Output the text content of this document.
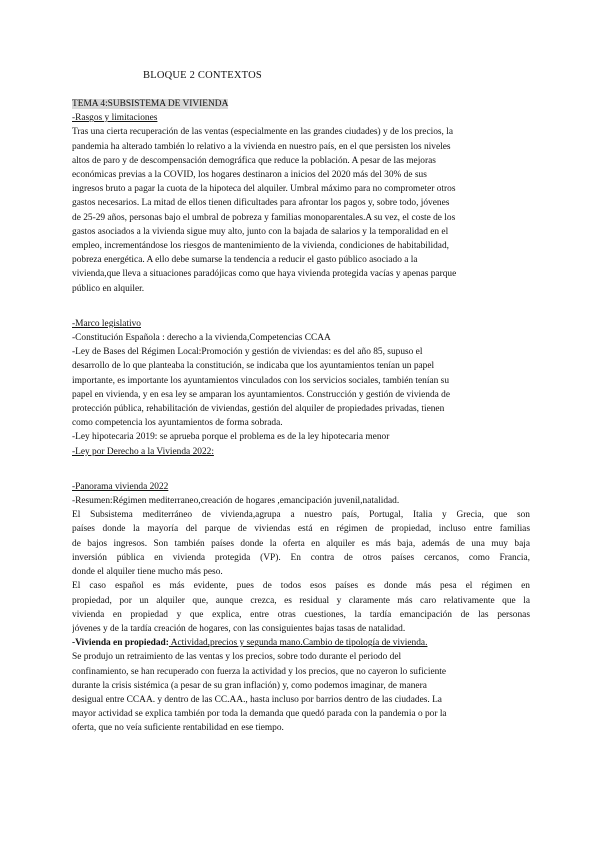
BLOQUE 2 CONTEXTOS
TEMA 4:SUBSISTEMA DE VIVIENDA
-Rasgos y limitaciones
Tras una cierta recuperación de las ventas (especialmente en las grandes ciudades) y de los precios, la
pandemia ha alterado también lo relativo a la vivienda en nuestro país, en el que persisten los niveles
altos de paro y de descompensación demográfica que reduce la población. A pesar de las mejoras
económicas previas a la COVID, los hogares destinaron a inicios del 2020 más del 30% de sus
ingresos bruto a pagar la cuota de la hipoteca del alquiler. Umbral máximo para no comprometer otros
gastos necesarios. La mitad de ellos tienen dificultades para afrontar los pagos y, sobre todo, jóvenes
de 25-29 años, personas bajo el umbral de pobreza y familias monoparentales.A su vez, el coste de los
gastos asociados a la vivienda sigue muy alto, junto con la bajada de salarios y la temporalidad en el
empleo, incrementándose los riesgos de mantenimiento de la vivienda, condiciones de habitabilidad,
pobreza energética. A ello debe sumarse la tendencia a reducir el gasto público asociado a la
vivienda,que lleva a situaciones paradójicas como que haya vivienda protegida vacías y apenas parque
público en alquiler.
-Marco legislativo
-Constitución Española : derecho a la vivienda,Competencias CCAA
-Ley de Bases del Régimen Local:Promoción y gestión de viviendas: es del año 85, supuso el
desarrollo de lo que planteaba la constitución, se indicaba que los ayuntamientos tenían un papel
importante, es importante los ayuntamientos vinculados con los servicios sociales, también tenían su
papel en vivienda, y en esa ley se amparan los ayuntamientos. Construcción y gestión de vivienda de
protección pública, rehabilitación de viviendas, gestión del alquiler de propiedades privadas, tienen
como competencia los ayuntamientos de forma sobrada.
-Ley hipotecaria 2019: se aprueba porque el problema es de la ley hipotecaria menor
-Ley por Derecho a la Vivienda 2022:
-Panorama vivienda 2022
-Resumen:Régimen mediterraneo,creación de hogares ,emancipación juvenil,natalidad.
El Subsistema mediterráneo de vivienda,agrupa a nuestro país, Portugal, Italia y Grecia, que son
países donde la mayoría del parque de viviendas está en régimen de propiedad, incluso entre familias
de bajos ingresos. Son también países donde la oferta en alquiler es más baja, además de una muy baja
inversión pública en vivienda protegida (VP). En contra de otros países cercanos, como Francia,
donde el alquiler tiene mucho más peso.
El caso español es más evidente, pues de todos esos países es donde más pesa el régimen en
propiedad, por un alquiler que, aunque crezca, es residual y claramente más caro relativamente que la
vivienda en propiedad y que explica, entre otras cuestiones, la tardía emancipación de las personas
jóvenes y de la tardía creación de hogares, con las consiguientes bajas tasas de natalidad.
-Vivienda en propiedad: Actividad,precios y segunda mano.Cambio de tipología de vivienda.
Se produjo un retraimiento de las ventas y los precios, sobre todo durante el periodo del
confinamiento, se han recuperado con fuerza la actividad y los precios, que no cayeron lo suficiente
durante la crisis sistémica (a pesar de su gran inflación) y, como podemos imaginar, de manera
desigual entre CCAA. y dentro de las CC.AA., hasta incluso por barrios dentro de las ciudades. La
mayor actividad se explica también por toda la demanda que quedó parada con la pandemia o por la
oferta, que no veía suficiente rentabilidad en ese tiempo.
